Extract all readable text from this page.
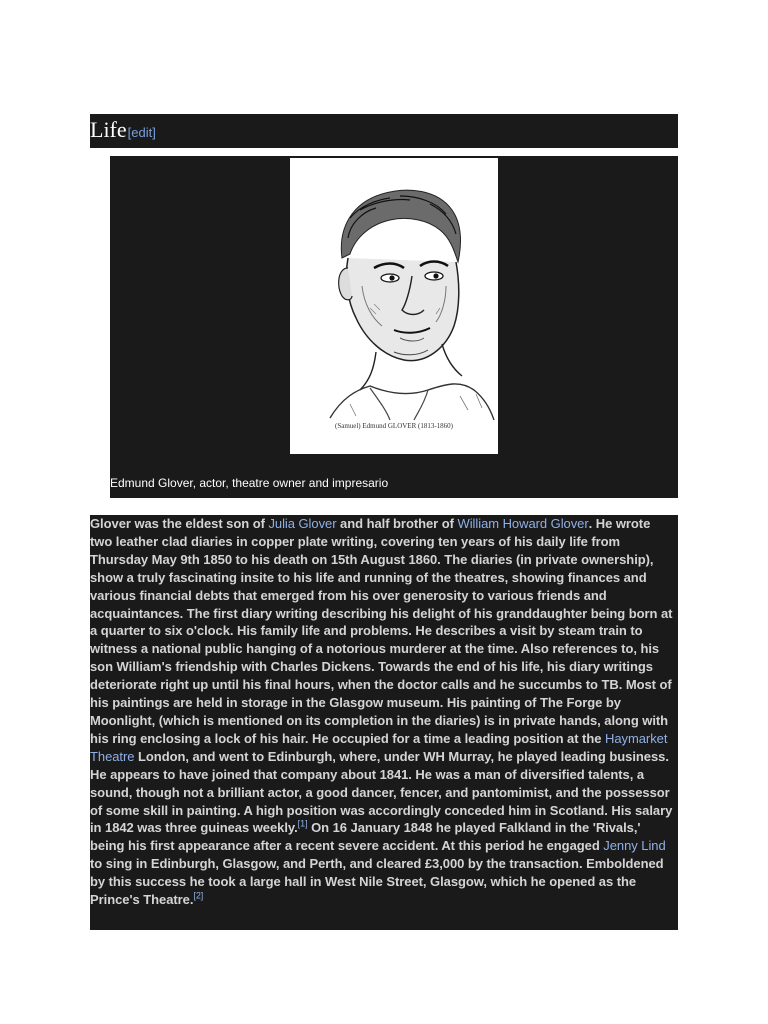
Life [edit]
(Samuel) Edmund GLOVER (1813-1860)
Edmund Glover, actor, theatre owner and impresario

Glover was the eldest son of Julia Glover and half brother of William Howard Glover. He wrote two leather clad diaries in copper plate writing, covering ten years of his daily life from Thursday May 9th 1850 to his death on 15th August 1860. The diaries (in private ownership), show a truly fascinating insite to his life and running of the theatres, showing finances and various financial debts that emerged from his over generosity to various friends and acquaintances. The first diary writing describing his delight of his granddaughter being born at a quarter to six o'clock. His family life and problems. He describes a visit by steam train to witness a national public hanging of a notorious murderer at the time. Also references to, his son William's friendship with Charles Dickens. Towards the end of his life, his diary writings deteriorate right up until his final hours, when the doctor calls and he succumbs to TB. Most of his paintings are held in storage in the Glasgow museum. His painting of The Forge by Moonlight, (which is mentioned on its completion in the diaries) is in private hands, along with his ring enclosing a lock of his hair. He occupied for a time a leading position at the Haymarket Theatre London, and went to Edinburgh, where, under WH Murray, he played leading business. He appears to have joined that company about 1841. He was a man of diversified talents, a sound, though not a brilliant actor, a good dancer, fencer, and pantomimist, and the possessor of some skill in painting. A high position was accordingly conceded him in Scotland. His salary in 1842 was three guineas weekly.[1] On 16 January 1848 he played Falkland in the 'Rivals,' being his first appearance after a recent severe accident. At this period he engaged Jenny Lind to sing in Edinburgh, Glasgow, and Perth, and cleared £3,000 by the transaction. Emboldened by this success he took a large hall in West Nile Street, Glasgow, which he opened as the Prince's Theatre.[2]
